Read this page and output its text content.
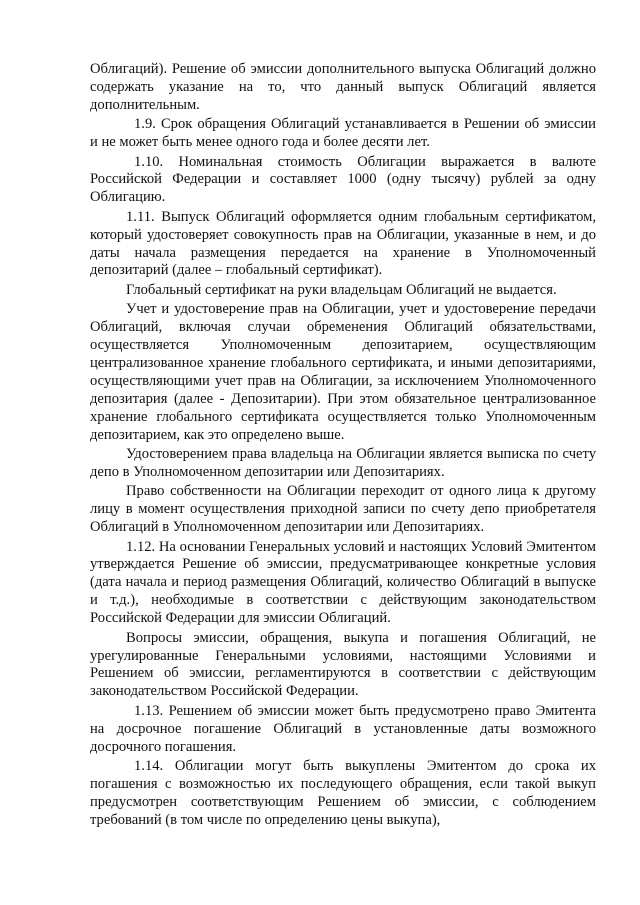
Облигаций). Решение об эмиссии дополнительного выпуска Облигаций должно содержать указание на то, что данный выпуск Облигаций является дополнительным.

1.9. Срок обращения Облигаций устанавливается в Решении об эмиссии и не может быть менее одного года и более десяти лет.

1.10. Номинальная стоимость Облигации выражается в валюте Российской Федерации и составляет 1000 (одну тысячу) рублей за одну Облигацию.

1.11. Выпуск Облигаций оформляется одним глобальным сертификатом, который удостоверяет совокупность прав на Облигации, указанные в нем, и до даты начала размещения передается на хранение в Уполномоченный депозитарий (далее – глобальный сертификат).

Глобальный сертификат на руки владельцам Облигаций не выдается.

Учет и удостоверение прав на Облигации, учет и удостоверение передачи Облигаций, включая случаи обременения Облигаций обязательствами, осуществляется Уполномоченным депозитарием, осуществляющим централизованное хранение глобального сертификата, и иными депозитариями, осуществляющими учет прав на Облигации, за исключением Уполномоченного депозитария (далее - Депозитарии). При этом обязательное централизованное хранение глобального сертификата осуществляется только Уполномоченным депозитарием, как это определено выше.

Удостоверением права владельца на Облигации является выписка по счету депо в Уполномоченном депозитарии или Депозитариях.

Право собственности на Облигации переходит от одного лица к другому лицу в момент осуществления приходной записи по счету депо приобретателя Облигаций в Уполномоченном депозитарии или Депозитариях.

1.12. На основании Генеральных условий и настоящих Условий Эмитентом утверждается Решение об эмиссии, предусматривающее конкретные условия (дата начала и период размещения Облигаций, количество Облигаций в выпуске и т.д.), необходимые в соответствии с действующим законодательством Российской Федерации для эмиссии Облигаций.

Вопросы эмиссии, обращения, выкупа и погашения Облигаций, не урегулированные Генеральными условиями, настоящими Условиями и Решением об эмиссии, регламентируются в соответствии с действующим законодательством Российской Федерации.

1.13. Решением об эмиссии может быть предусмотрено право Эмитента на досрочное погашение Облигаций в установленные даты возможного досрочного погашения.

1.14. Облигации могут быть выкуплены Эмитентом до срока их погашения с возможностью их последующего обращения, если такой выкуп предусмотрен соответствующим Решением об эмиссии, с соблюдением требований (в том числе по определению цены выкупа),
